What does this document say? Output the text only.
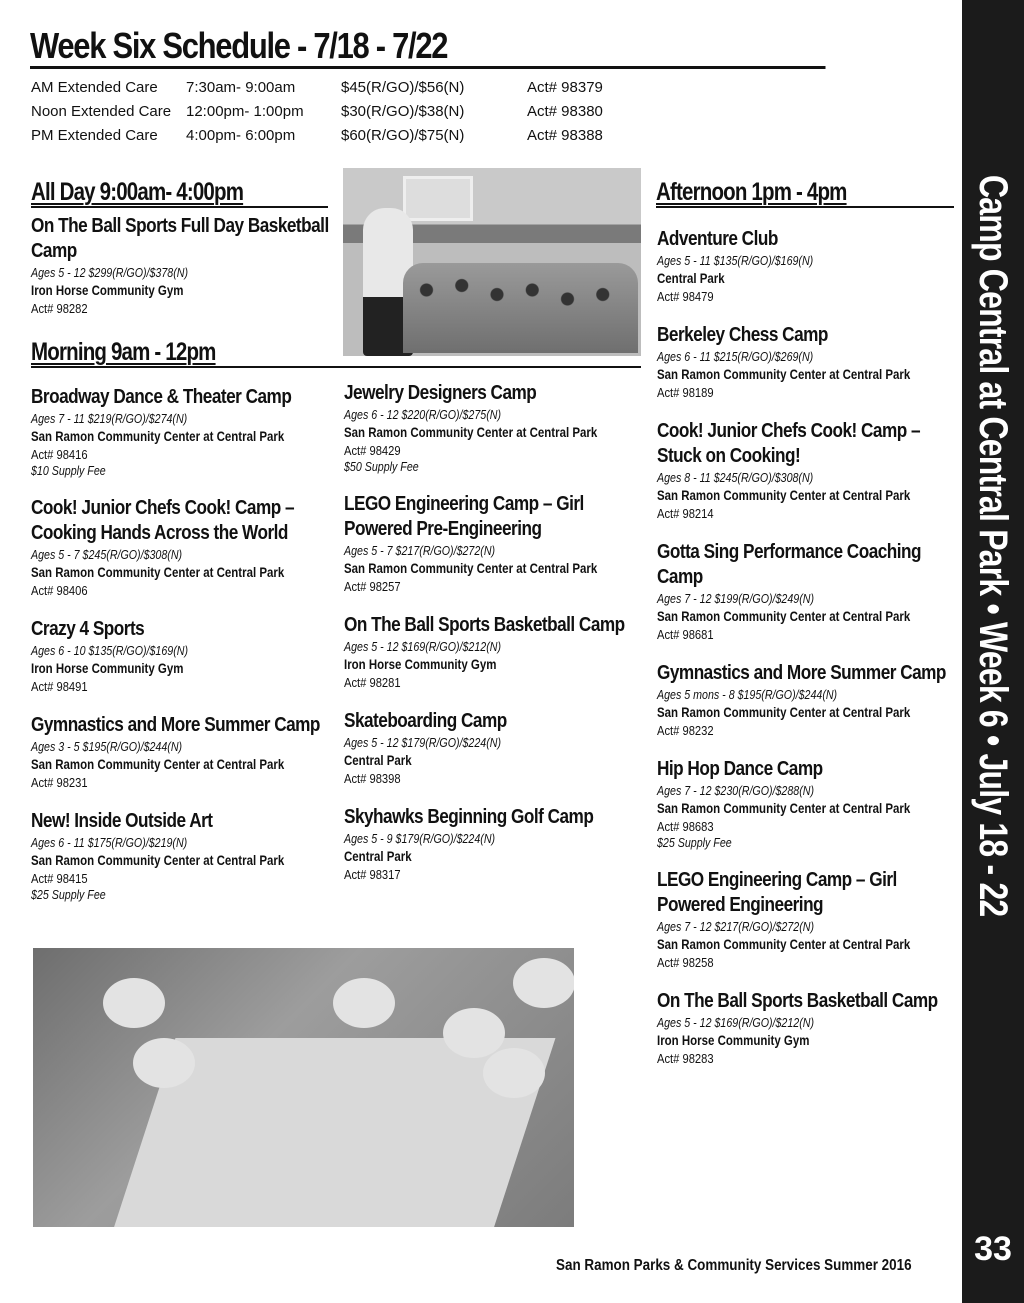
Week Six Schedule - 7/18 - 7/22
AM Extended Care	7:30am- 9:00am	$45(R/GO)/$56(N)	Act# 98379
Noon Extended Care 12:00pm- 1:00pm	$30(R/GO)/$38(N)	Act# 98380
PM Extended Care	4:00pm- 6:00pm	$60(R/GO)/$75(N)	Act# 98388
All Day 9:00am- 4:00pm
Morning 9am - 12pm
Afternoon 1pm - 4pm
On The Ball Sports Full Day Basketball Camp
Ages 5 - 12 $299(R/GO)/$378(N)
Iron Horse Community Gym
Act# 98282
Broadway Dance & Theater Camp
Ages 7 - 11 $219(R/GO)/$274(N)
San Ramon Community Center at Central Park
Act# 98416
$10 Supply Fee
Cook! Junior Chefs Cook! Camp – Cooking Hands Across the World
Ages 5 - 7 $245(R/GO)/$308(N)
San Ramon Community Center at Central Park
Act# 98406
Crazy 4 Sports
Ages 6 - 10 $135(R/GO)/$169(N)
Iron Horse Community Gym
Act# 98491
Gymnastics and More Summer Camp
Ages 3 - 5 $195(R/GO)/$244(N)
San Ramon Community Center at Central Park
Act# 98231
New! Inside Outside Art
Ages 6 - 11 $175(R/GO)/$219(N)
San Ramon Community Center at Central Park
Act# 98415
$25 Supply Fee
Jewelry Designers Camp
Ages 6 - 12 $220(R/GO)/$275(N)
San Ramon Community Center at Central Park
Act# 98429
$50 Supply Fee
LEGO Engineering Camp – Girl Powered Pre-Engineering
Ages 5 - 7 $217(R/GO)/$272(N)
San Ramon Community Center at Central Park
Act# 98257
On The Ball Sports Basketball Camp
Ages 5 - 12 $169(R/GO)/$212(N)
Iron Horse Community Gym
Act# 98281
Skateboarding Camp
Ages 5 - 12 $179(R/GO)/$224(N)
Central Park
Act# 98398
Skyhawks Beginning Golf Camp
Ages 5 - 9 $179(R/GO)/$224(N)
Central Park
Act# 98317
Adventure Club
Ages 5 - 11 $135(R/GO)/$169(N)
Central Park
Act# 98479
Berkeley Chess Camp
Ages 6 - 11 $215(R/GO)/$269(N)
San Ramon Community Center at Central Park
Act# 98189
Cook! Junior Chefs Cook! Camp – Stuck on Cooking!
Ages 8 - 11 $245(R/GO)/$308(N)
San Ramon Community Center at Central Park
Act# 98214
Gotta Sing Performance Coaching Camp
Ages 7 - 12 $199(R/GO)/$249(N)
San Ramon Community Center at Central Park
Act# 98681
Gymnastics and More Summer Camp
Ages 5 mons - 8 $195(R/GO)/$244(N)
San Ramon Community Center at Central Park
Act# 98232
Hip Hop Dance Camp
Ages 7 - 12 $230(R/GO)/$288(N)
San Ramon Community Center at Central Park
Act# 98683
$25 Supply Fee
LEGO Engineering Camp – Girl Powered Engineering
Ages 7 - 12 $217(R/GO)/$272(N)
San Ramon Community Center at Central Park
Act# 98258
On The Ball Sports Basketball Camp
Ages 5 - 12 $169(R/GO)/$212(N)
Iron Horse Community Gym
Act# 98283
Camp Central at Central Park • Week 6 • July 18 - 22
33
San Ramon Parks & Community Services Summer 2016
